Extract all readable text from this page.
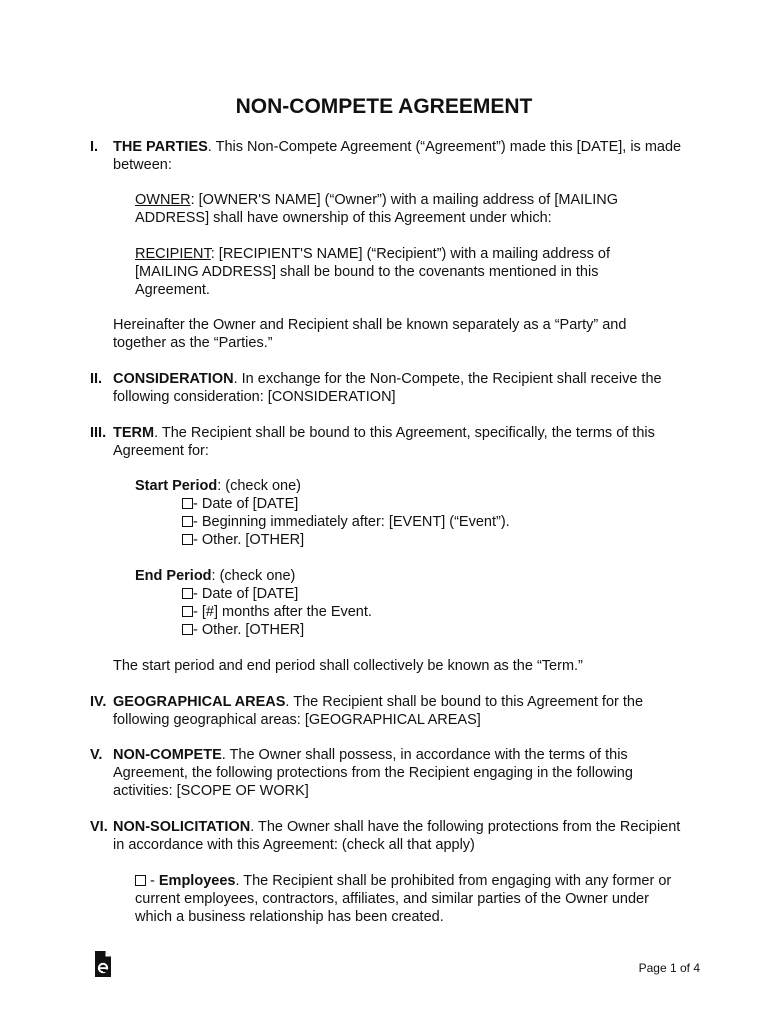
NON-COMPETE AGREEMENT
I. THE PARTIES. This Non-Compete Agreement (“Agreement”) made this [DATE], is made between:
OWNER: [OWNER'S NAME] (“Owner”) with a mailing address of [MAILING ADDRESS] shall have ownership of this Agreement under which:
RECIPIENT: [RECIPIENT'S NAME] (“Recipient”) with a mailing address of [MAILING ADDRESS] shall be bound to the covenants mentioned in this Agreement.
Hereinafter the Owner and Recipient shall be known separately as a “Party” and together as the “Parties.”
II. CONSIDERATION. In exchange for the Non-Compete, the Recipient shall receive the following consideration: [CONSIDERATION]
III. TERM. The Recipient shall be bound to this Agreement, specifically, the terms of this Agreement for:
Start Period: (check one)
- Date of [DATE]
- Beginning immediately after: [EVENT] (“Event”).
- Other. [OTHER]
End Period: (check one)
- Date of [DATE]
- [#] months after the Event.
- Other. [OTHER]
The start period and end period shall collectively be known as the “Term.”
IV. GEOGRAPHICAL AREAS. The Recipient shall be bound to this Agreement for the following geographical areas: [GEOGRAPHICAL AREAS]
V. NON-COMPETE. The Owner shall possess, in accordance with the terms of this Agreement, the following protections from the Recipient engaging in the following activities: [SCOPE OF WORK]
VI. NON-SOLICITATION. The Owner shall have the following protections from the Recipient in accordance with this Agreement: (check all that apply)
- Employees. The Recipient shall be prohibited from engaging with any former or current employees, contractors, affiliates, and similar parties of the Owner under which a business relationship has been created.
Page 1 of 4
